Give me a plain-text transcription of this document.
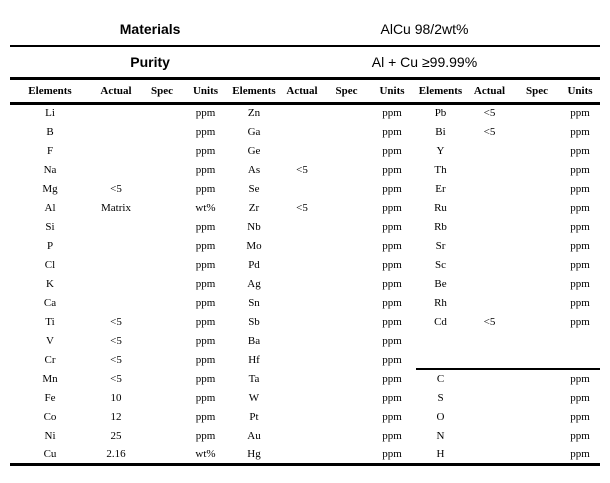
Materials	AlCu 98/2wt%
Purity	Al + Cu ≥99.99%
Elements	Actual	Spec	Units	Elements	Actual	Spec	Units	Elements	Actual	Spec	Units
Li			ppm	Zn			ppm	Pb	<5		ppm
B			ppm	Ga			ppm	Bi	<5		ppm
F			ppm	Ge			ppm	Y			ppm
Na			ppm	As	<5		ppm	Th			ppm
Mg	<5		ppm	Se			ppm	Er			ppm
Al	Matrix		wt%	Zr	<5		ppm	Ru			ppm
Si			ppm	Nb			ppm	Rb			ppm
P			ppm	Mo			ppm	Sr			ppm
Cl			ppm	Pd			ppm	Sc			ppm
K			ppm	Ag			ppm	Be			ppm
Ca			ppm	Sn			ppm	Rh			ppm
Ti	<5		ppm	Sb			ppm	Cd	<5		ppm
V	<5		ppm	Ba			ppm				
Cr	<5		ppm	Hf			ppm				
Mn	<5		ppm	Ta			ppm	C			ppm
Fe	10		ppm	W			ppm	S			ppm
Co	12		ppm	Pt			ppm	O			ppm
Ni	25		ppm	Au			ppm	N			ppm
Cu	2.16		wt%	Hg			ppm	H			ppm
